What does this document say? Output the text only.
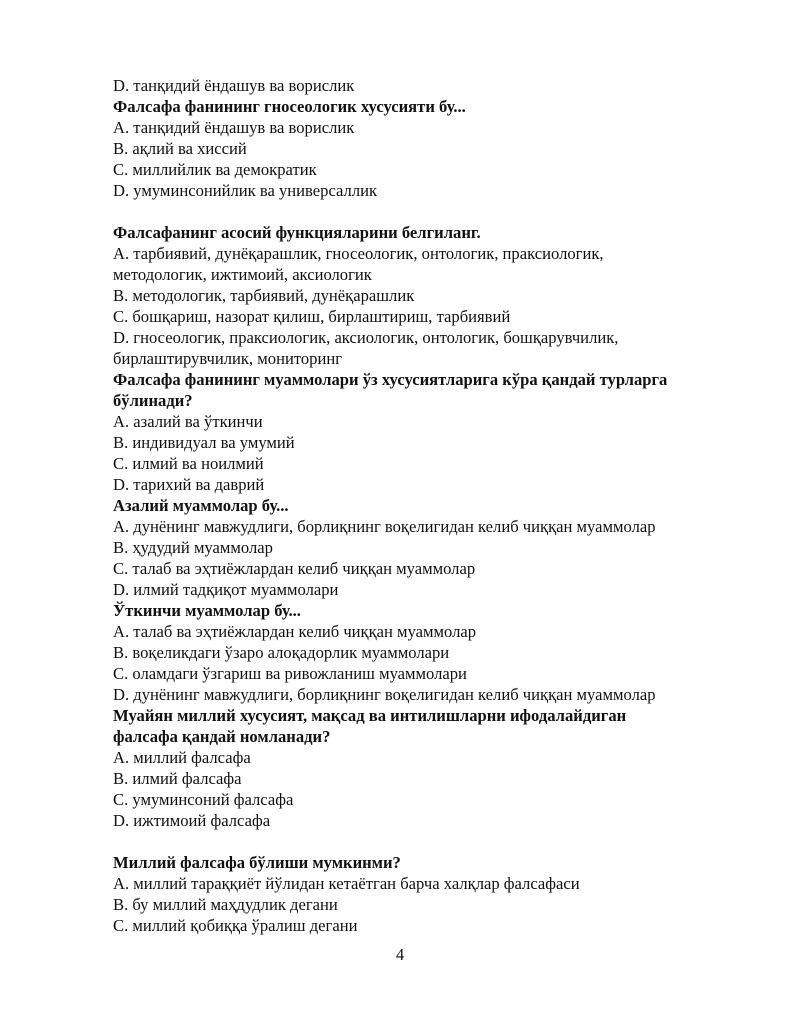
D. танқидий ёндашув ва ворислик
Фалсафа фанининг гносеологик хусусияти бу...
A. танқидий ёндашув ва ворислик
B. ақлий ва хиссий
C. миллийлик ва демократик
D. умуминсонийлик ва универсаллик
Фалсафанинг асосий функцияларини белгиланг.
A. тарбиявий, дунёқарашлик, гносеологик, онтологик, праксиологик,
методологик, ижтимоий, аксиологик
B. методологик, тарбиявий, дунёқарашлик
C. бошқариш, назорат қилиш, бирлаштириш, тарбиявий
D. гносеологик, праксиологик, аксиологик, онтологик, бошқарувчилик,
бирлаштирувчилик, мониторинг
Фалсафа фанининг муаммолари ўз хусусиятларига кўра қандай турларга
бўлинади?
A. азалий ва ўткинчи
B. индивидуал ва умумий
C. илмий ва ноилмий
D. тарихий ва даврий
Азалий муаммолар бу...
A. дунёнинг мавжудлиги, борлиқнинг воқелигидан келиб чиққан муаммолар
B. ҳудудий муаммолар
C. талаб ва эҳтиёжлардан келиб чиққан муаммолар
D. илмий тадқиқот муаммолари
Ўткинчи муаммолар бу...
A. талаб ва эҳтиёжлардан келиб чиққан муаммолар
B. воқеликдаги ўзаро алоқадорлик муаммолари
C. оламдаги ўзгариш ва ривожланиш муаммолари
D. дунёнинг мавжудлиги, борлиқнинг воқелигидан келиб чиққан муаммолар
Муайян миллий хусусият, мақсад ва интилишларни ифодалайдиган
фалсафа қандай номланади?
A. миллий фалсафа
B. илмий фалсафа
C. умуминсоний фалсафа
D. ижтимоий фалсафа
Миллий фалсафа бўлиши мумкинми?
A. миллий тараққиёт йўлидан кетаётган барча халқлар фалсафаси
B. бу миллий маҳдудлик дегани
C. миллий қобиққа ўралиш дегани
4
